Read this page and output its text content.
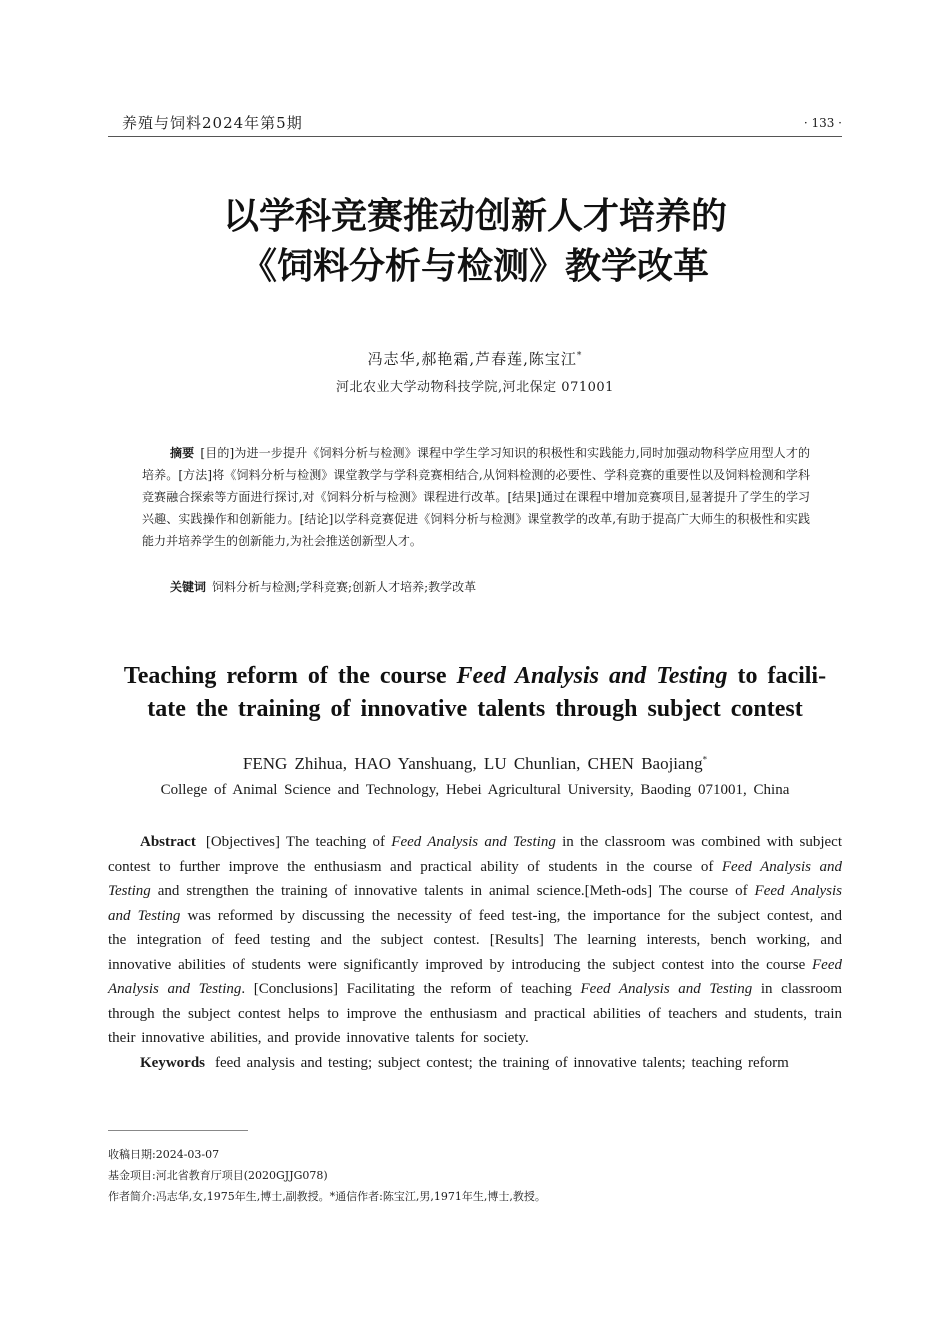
养殖与饲料2024年第5期	· 133 ·
以学科竞赛推动创新人才培养的
《饲料分析与检测》教学改革
冯志华,郝艳霜,芦春莲,陈宝江*
河北农业大学动物科技学院,河北保定 071001
摘要 [目的]为进一步提升《饲料分析与检测》课程中学生学习知识的积极性和实践能力,同时加强动物科学应用型人才的培养。[方法]将《饲料分析与检测》课堂教学与学科竞赛相结合,从饲料检测的必要性、学科竞赛的重要性以及饲料检测和学科竞赛融合探索等方面进行探讨,对《饲料分析与检测》课程进行改革。[结果]通过在课程中增加竞赛项目,显著提升了学生的学习兴趣、实践操作和创新能力。[结论]以学科竞赛促进《饲料分析与检测》课堂教学的改革,有助于提高广大师生的积极性和实践能力并培养学生的创新能力,为社会推送创新型人才。
关键词 饲料分析与检测;学科竞赛;创新人才培养;教学改革
Teaching reform of the course Feed Analysis and Testing to facili-
tate the training of innovative talents through subject contest
FENG Zhihua, HAO Yanshuang, LU Chunlian, CHEN Baojiang*
College of Animal Science and Technology, Hebei Agricultural University, Baoding 071001, China

Abstract [Objectives] The teaching of Feed Analysis and Testing in the classroom was combined with subject contest to further improve the enthusiasm and practical ability of students in the course of Feed Analysis and Testing and strengthen the training of innovative talents in animal science.[Meth-ods] The course of Feed Analysis and Testing was reformed by discussing the necessity of feed test-ing, the importance for the subject contest, and the integration of feed testing and the subject contest. [Results] The learning interests, bench working, and innovative abilities of students were significantly improved by introducing the subject contest into the course Feed Analysis and Testing. [Conclusions] Facilitating the reform of teaching Feed Analysis and Testing in classroom through the subject contest helps to improve the enthusiasm and practical abilities of teachers and students, train their innovative abilities, and provide innovative talents for society.

Keywords feed analysis and testing; subject contest; the training of innovative talents; teaching reform

收稿日期:2024-03-07
基金项目:河北省教育厅项目(2020GJJG078)
作者简介:冯志华,女,1975年生,博士,副教授。*通信作者:陈宝江,男,1971年生,博士,教授。
